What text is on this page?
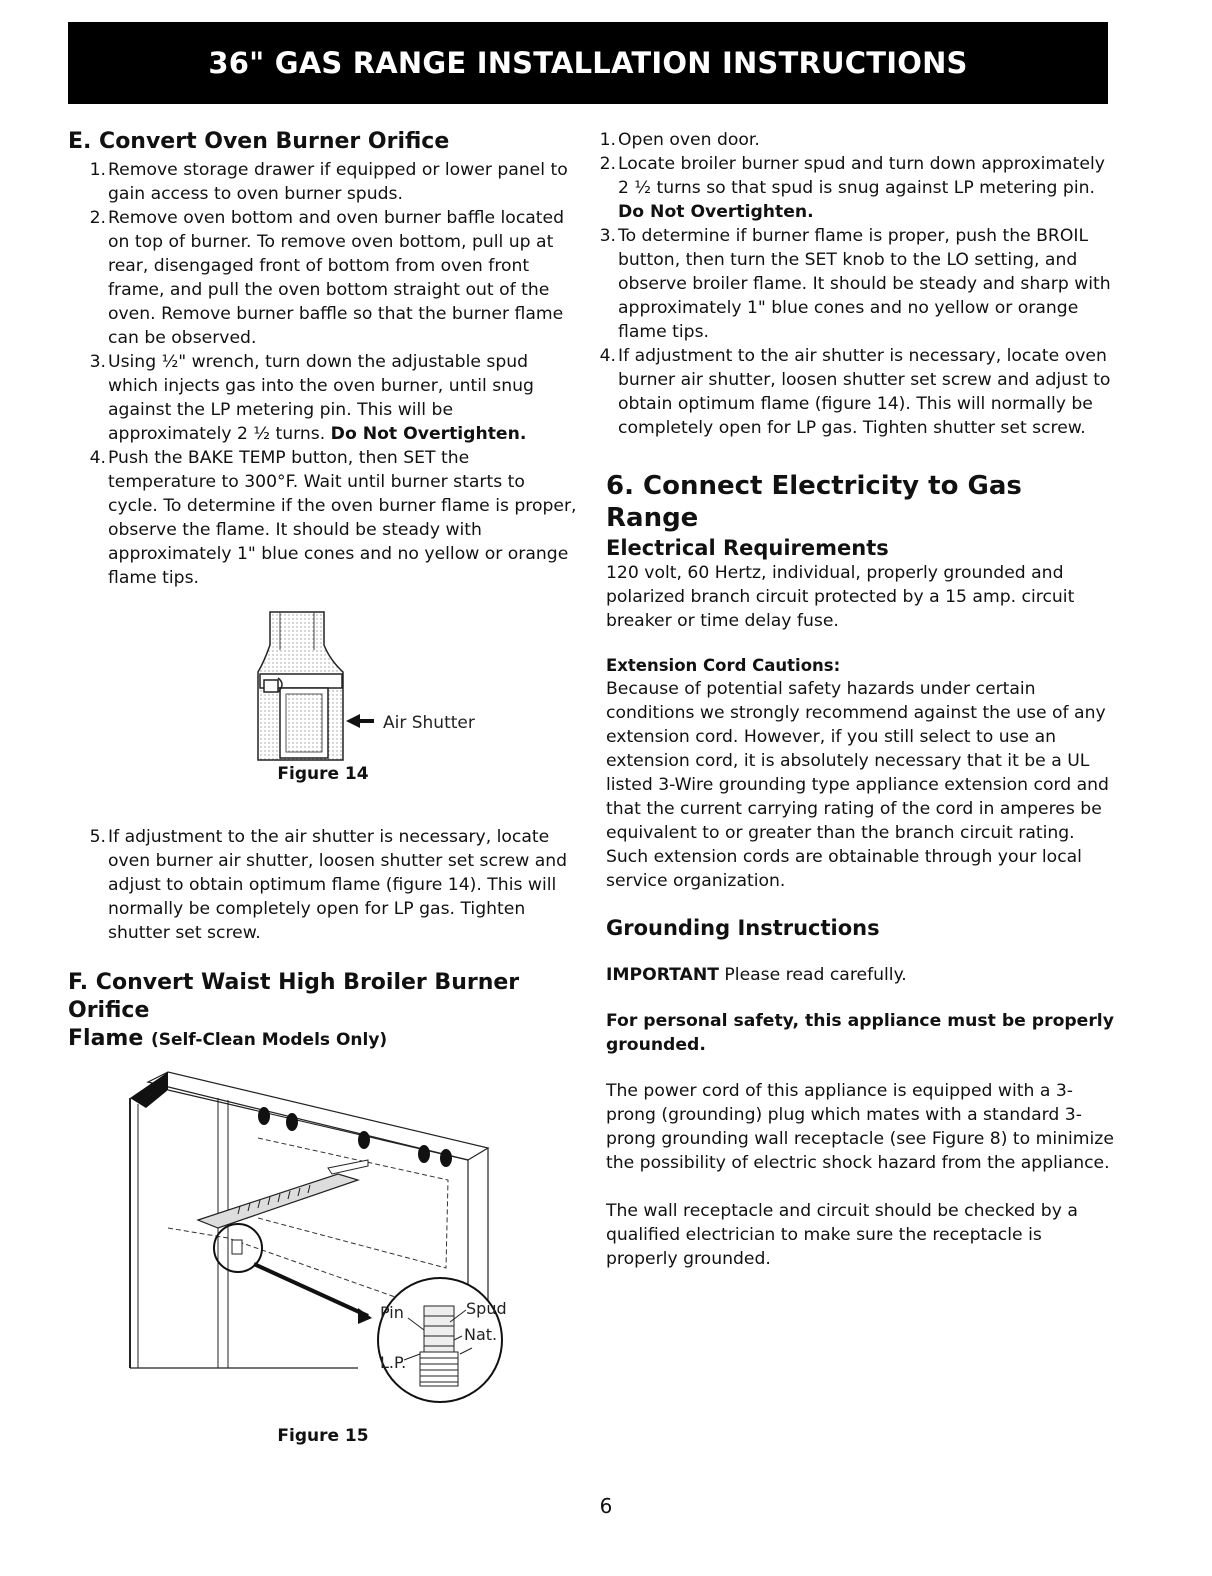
36" GAS RANGE INSTALLATION INSTRUCTIONS
E. Convert Oven Burner Orifice
1. Remove storage drawer if equipped or lower panel to gain access to oven burner spuds.
2. Remove oven bottom and oven burner baffle located on top of burner. To remove oven bottom, pull up at rear, disengaged front of bottom from oven front frame, and pull the oven bottom straight out of the oven. Remove burner baffle so that the burner flame can be observed.
3. Using ½" wrench, turn down the adjustable spud which injects gas into the oven burner, until snug against the LP metering pin. This will be approximately 2 ½ turns. Do Not Overtighten.
4. Push the BAKE TEMP button, then SET the temperature to 300°F. Wait until burner starts to cycle. To determine if the oven burner flame is proper, observe the flame. It should be steady with approximately 1" blue cones and no yellow or orange flame tips.
Air Shutter
Figure 14
5. If adjustment to the air shutter is necessary, locate oven burner air shutter, loosen shutter set screw and adjust to obtain optimum flame (figure 14). This will normally be completely open for LP gas. Tighten shutter set screw.
F. Convert Waist High Broiler Burner Orifice
Flame (Self-Clean Models Only)
Pin	Spud
Nat.
L.P.
Figure 15
1. Open oven door.
2. Locate broiler burner spud and turn down approximately 2 ½ turns so that spud is snug against LP metering pin. Do Not Overtighten.
3. To determine if burner flame is proper, push the BROIL button, then turn the SET knob to the LO setting, and observe broiler flame. It should be steady and sharp with approximately 1" blue cones and no yellow or orange flame tips.
4. If adjustment to the air shutter is necessary, locate oven burner air shutter, loosen shutter set screw and adjust to obtain optimum flame (figure 14). This will normally be completely open for LP gas. Tighten shutter set screw.
6. Connect Electricity to Gas Range
Electrical Requirements

120 volt, 60 Hertz, individual, properly grounded and polarized branch circuit protected by a 15 amp. circuit breaker or time delay fuse.

Extension Cord Cautions:

Because of potential safety hazards under certain conditions we strongly recommend against the use of any extension cord. However, if you still select to use an extension cord, it is absolutely necessary that it be a UL listed 3-Wire grounding type appliance extension cord and that the current carrying rating of the cord in amperes be equivalent to or greater than the branch circuit rating. Such extension cords are obtainable through your local service organization.

Grounding Instructions

IMPORTANT Please read carefully.

For personal safety, this appliance must be properly grounded.

The power cord of this appliance is equipped with a 3-prong (grounding) plug which mates with a standard 3-prong grounding wall receptacle (see Figure 8) to minimize the possibility of electric shock hazard from the appliance.

The wall receptacle and circuit should be checked by a qualified electrician to make sure the receptacle is properly grounded.

6
